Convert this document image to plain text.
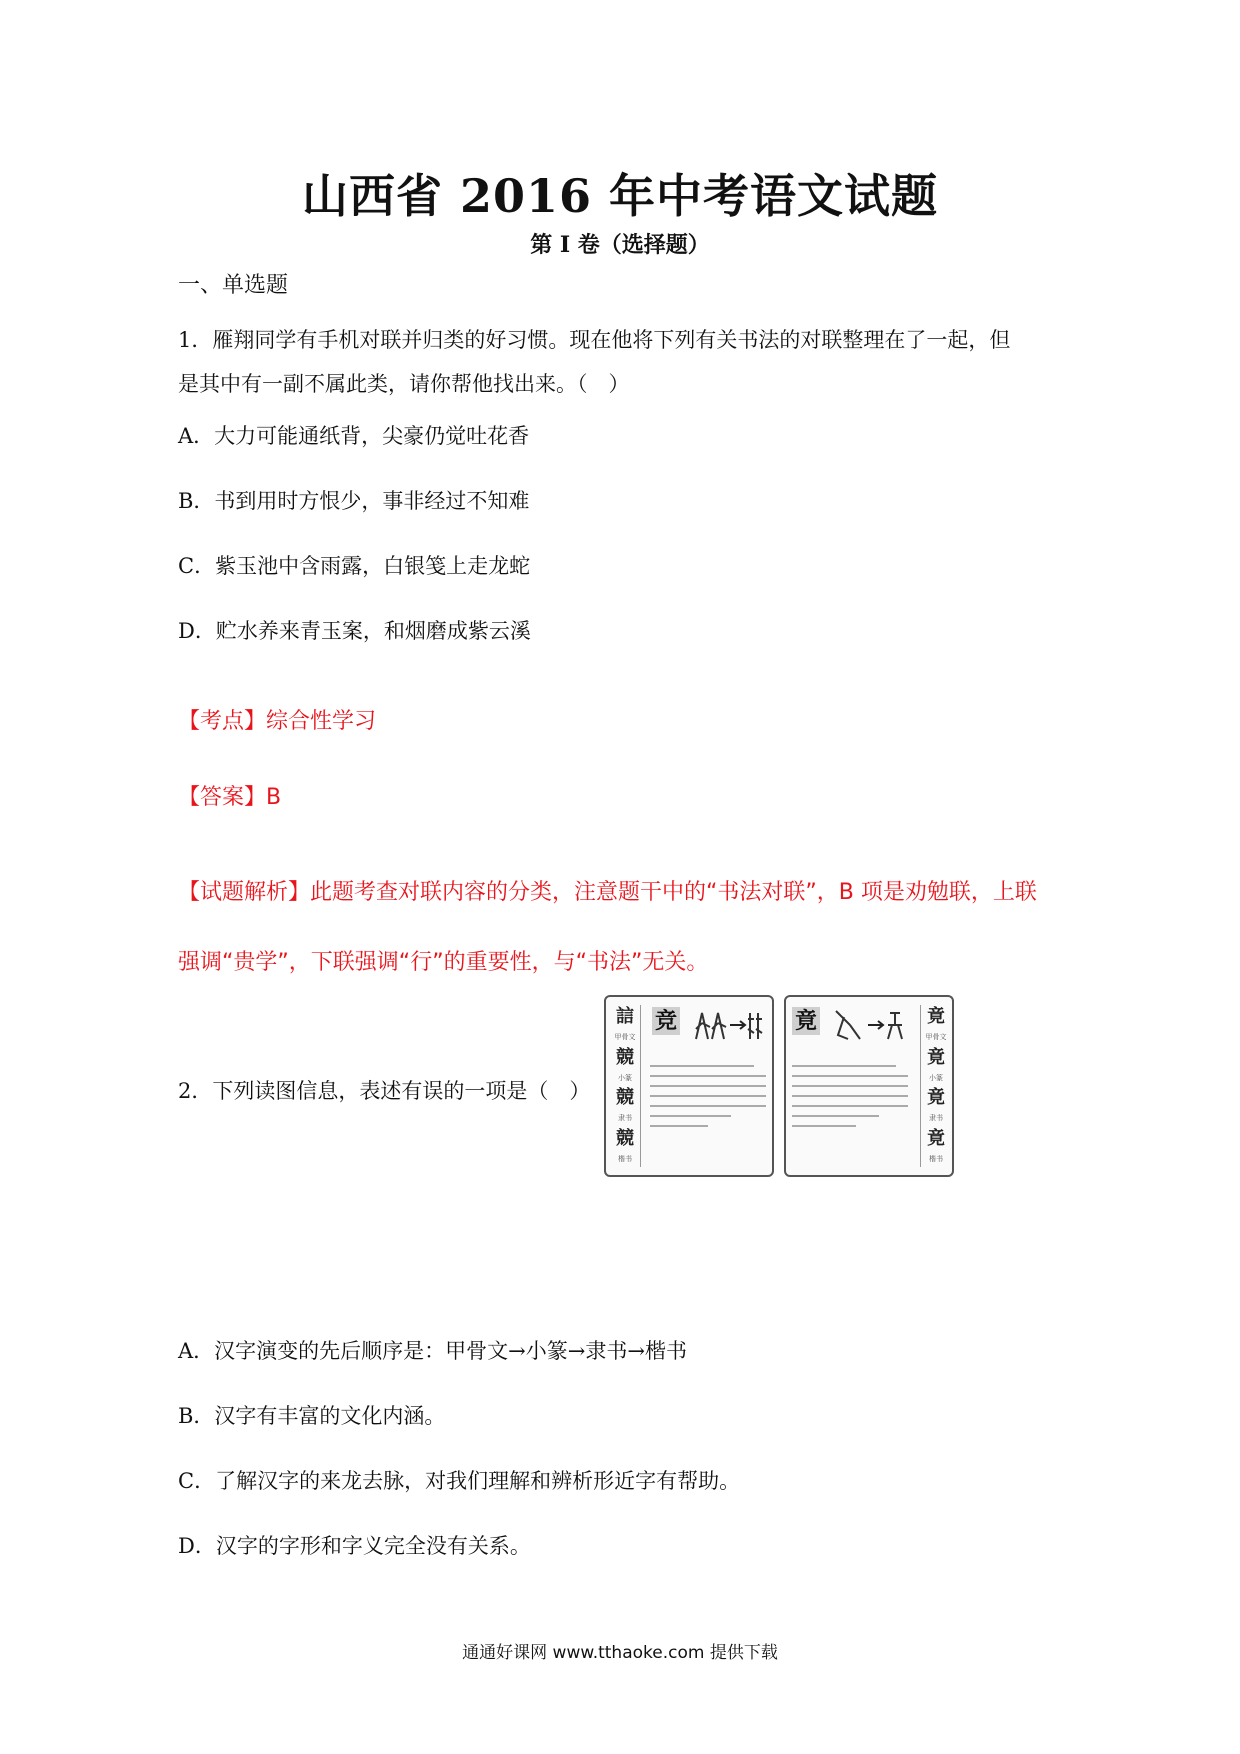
山西省 2016 年中考语文试题
第 I 卷（选择题）
一、单选题
1．雁翔同学有手机对联并归类的好习惯。现在他将下列有关书法的对联整理在了一起，但
是其中有一副不属此类，请你帮他找出来。（　）
A．大力可能通纸背，尖豪仍觉吐花香
B．书到用时方恨少，事非经过不知难
C．紫玉池中含雨露，白银笺上走龙蛇
D．贮水养来青玉案，和烟磨成紫云溪
【考点】综合性学习
【答案】B
【试题解析】此题考查对联内容的分类，注意题干中的“书法对联”，B 项是劝勉联，上联
强调“贵学”，下联强调“行”的重要性，与“书法”无关。
2．下列读图信息，表述有误的一项是（　）
誩
甲骨文
競
小篆
競
隶书
競
楷书
竞	竟	竟
甲骨文
竟
小篆
竟
隶书
竟
楷书
A．汉字演变的先后顺序是：甲骨文→小篆→隶书→楷书
B．汉字有丰富的文化内涵。
C．了解汉字的来龙去脉，对我们理解和辨析形近字有帮助。
D．汉字的字形和字义完全没有关系。
通通好课网 www.tthaoke.com 提供下载
